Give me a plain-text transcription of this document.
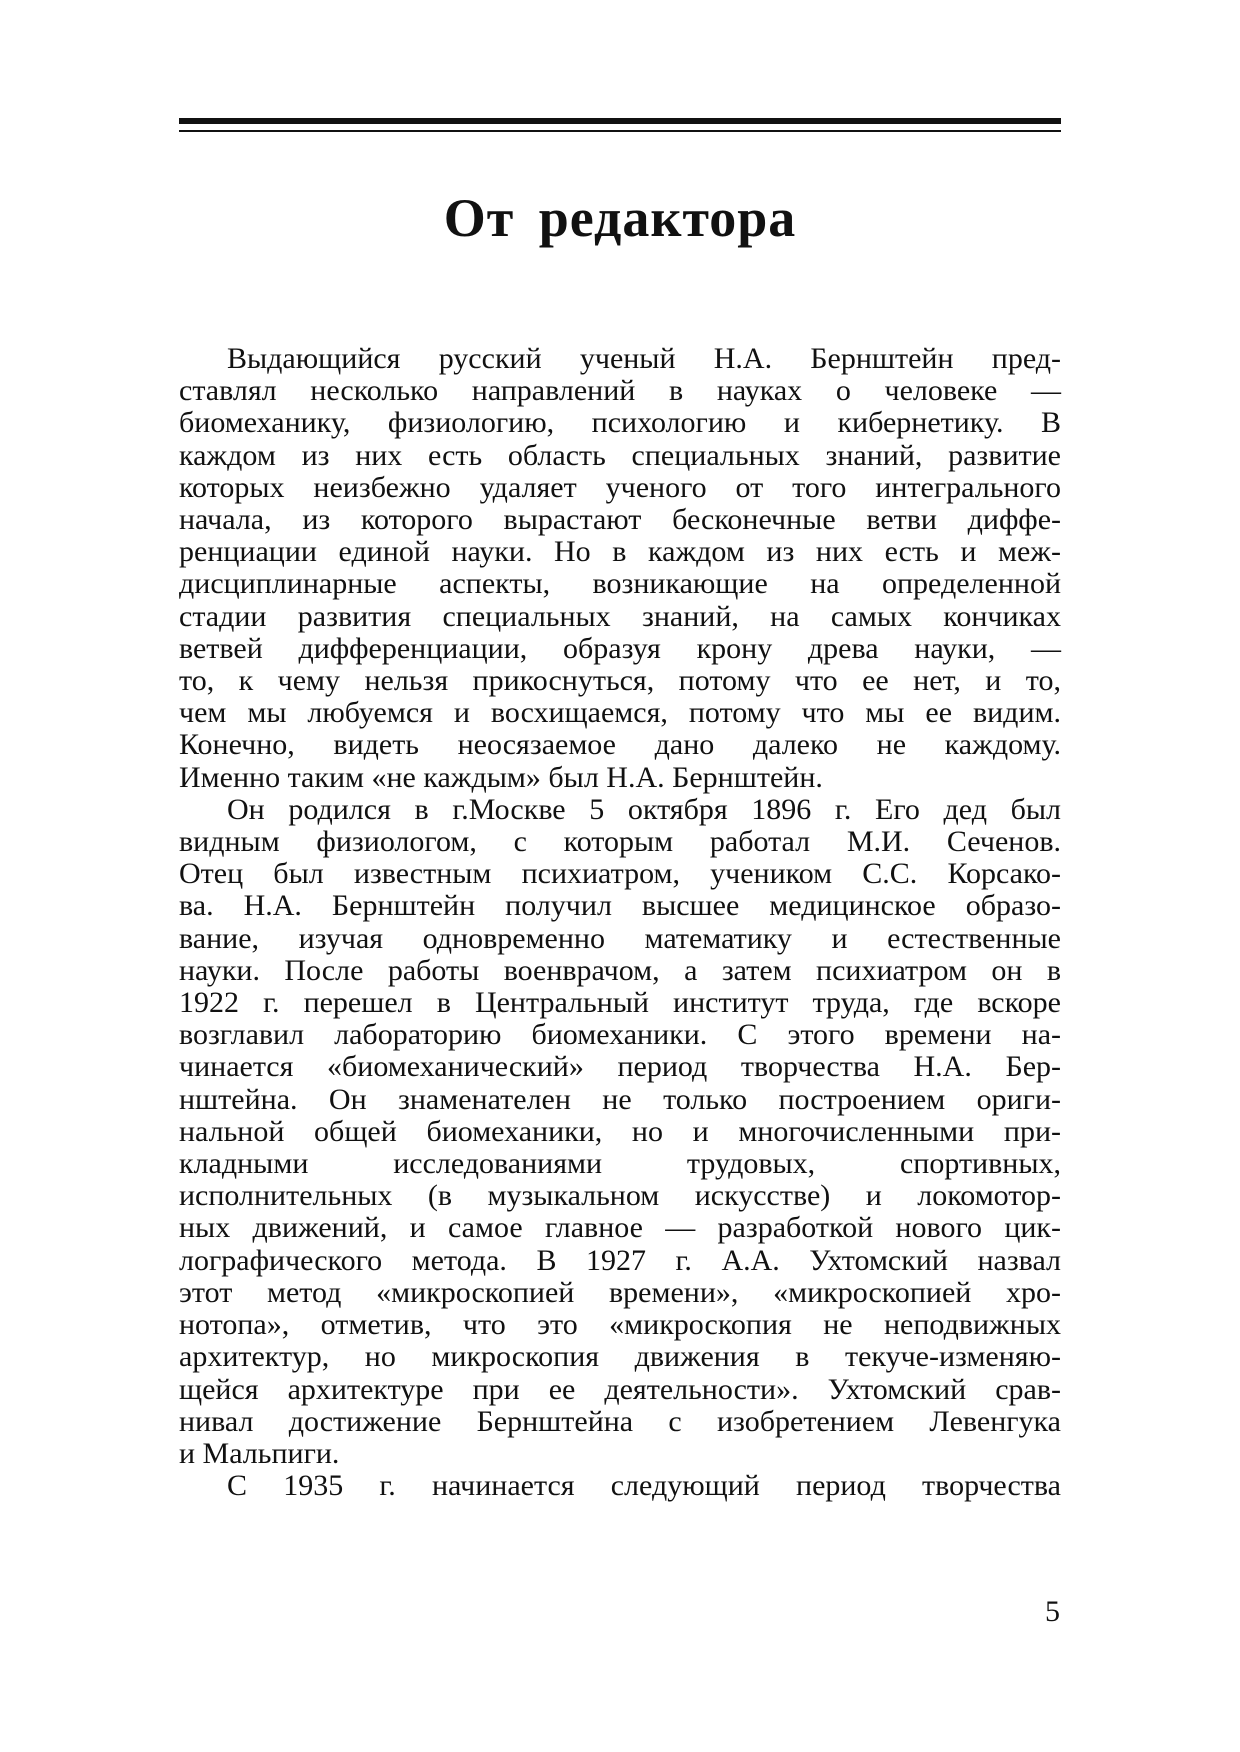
От редактора

Выдающийся русский ученый Н.А. Бернштейн пред-
ставлял несколько направлений в науках о человеке —
биомеханику, физиологию, психологию и кибернетику. В
каждом из них есть область специальных знаний, развитие
которых неизбежно удаляет ученого от того интегрального
начала, из которого вырастают бесконечные ветви диффе-
ренциации единой науки. Но в каждом из них есть и меж-
дисциплинарные аспекты, возникающие на определенной
стадии развития специальных знаний, на самых кончиках
ветвей дифференциации, образуя крону древа науки, —
то, к чему нельзя прикоснуться, потому что ее нет, и то,
чем мы любуемся и восхищаемся, потому что мы ее видим.
Конечно, видеть неосязаемое дано далеко не каждому.
Именно таким «не каждым» был Н.А. Бернштейн.

Он родился в г.Москве 5 октября 1896 г. Его дед был
видным физиологом, с которым работал М.И. Сеченов.
Отец был известным психиатром, учеником С.С. Корсако-
ва. Н.А. Бернштейн получил высшее медицинское образо-
вание, изучая одновременно математику и естественные
науки. После работы военврачом, а затем психиатром он в
1922 г. перешел в Центральный институт труда, где вскоре
возглавил лабораторию биомеханики. С этого времени на-
чинается «биомеханический» период творчества Н.А. Бер-
нштейна. Он знаменателен не только построением ориги-
нальной общей биомеханики, но и многочисленными при-
кладными исследованиями трудовых, спортивных,
исполнительных (в музыкальном искусстве) и локомотор-
ных движений, и самое главное — разработкой нового цик-
лографического метода. В 1927 г. А.А. Ухтомский назвал
этот метод «микроскопией времени», «микроскопией хро-
нотопа», отметив, что это «микроскопия не неподвижных
архитектур, но микроскопия движения в текуче-изменяю-
щейся архитектуре при ее деятельности». Ухтомский срав-
нивал достижение Бернштейна с изобретением Левенгука
и Мальпиги.

С 1935 г. начинается следующий период творчества

5
